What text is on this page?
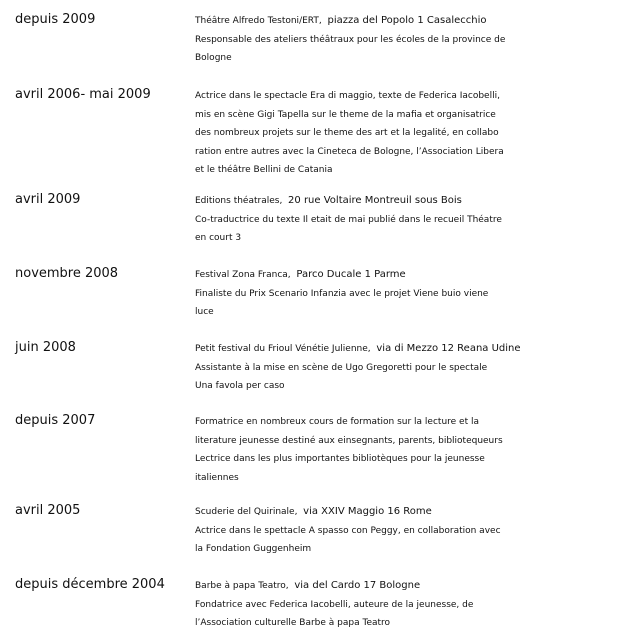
depuis 2009	Théâtre Alfredo Testoni/ERT, piazza del Popolo 1 Casalecchio
Responsable des ateliers théâtraux pour les écoles de la province de
Bologne
avril 2006- mai 2009	Actrice dans le spectacle Era di maggio, texte de Federica Iacobelli,
mis en scène Gigi Tapella sur le theme de la mafia et organisatrice
des nombreux projets sur le theme des art et la legalité, en collabo
ration entre autres avec la Cineteca de Bologne, l’Association Libera
et le théâtre Bellini de Catania
avril 2009	Editions théatrales, 20 rue Voltaire Montreuil sous Bois
Co-traductrice du texte Il etait de mai publié dans le recueil Théatre
en court 3
novembre 2008	Festival Zona Franca, Parco Ducale 1 Parme
Finaliste du Prix Scenario Infanzia avec le projet Viene buio viene
luce
juin 2008	Petit festival du Frioul Vénétie Julienne, via di Mezzo 12 Reana Udine
Assistante à la mise en scène de Ugo Gregoretti pour le spectale
Una favola per caso
depuis 2007	Formatrice en nombreux cours de formation sur la lecture et la
literature jeunesse destiné aux einsegnants, parents, bibliotequeurs
Lectrice dans les plus importantes bibliotèques pour la jeunesse
italiennes
avril 2005	Scuderie del Quirinale, via XXIV Maggio 16 Rome
Actrice dans le spettacle A spasso con Peggy, en collaboration avec
la Fondation Guggenheim
depuis décembre 2004	Barbe à papa Teatro, via del Cardo 17 Bologne
Fondatrice avec Federica Iacobelli, auteure de la jeunesse, de
l’Association culturelle Barbe à papa Teatro
